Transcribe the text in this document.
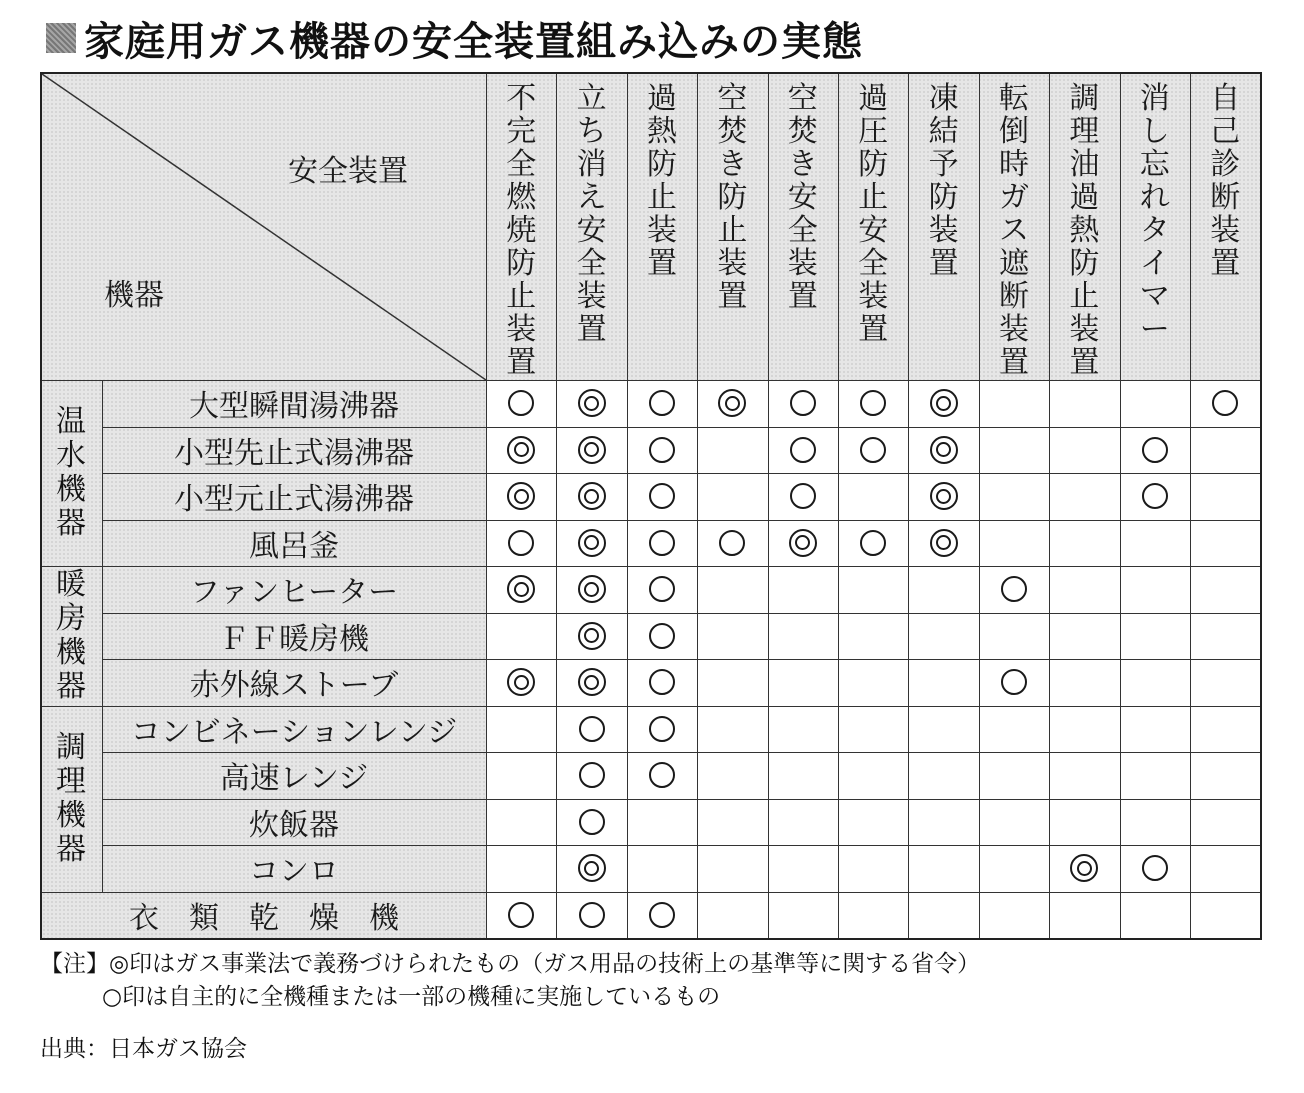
家庭用ガス機器の安全装置組み込みの実態
安全装置
機器
不
完
全
燃
焼
防
止
装
置
立
ち
消
え
安
全
装
置
過
熱
防
止
装
置
空
焚
き
防
止
装
置
空
焚
き
安
全
装
置
過
圧
防
止
安
全
装
置
凍
結
予
防
装
置
転
倒
時
ガ
ス
遮
断
装
置
調
理
油
過
熱
防
止
装
置
消
し
忘
れ
タ
イ
マ
ー
自
己
診
断
装
置
大型瞬間湯沸器
小型先止式湯沸器
小型元止式湯沸器
風呂釜
温
水
機
器
ファンヒーター
ＦＦ暖房機
赤外線ストーブ
暖
房
機
器
コンビネーションレンジ
高速レンジ
炊飯器
コンロ
調
理
機
器
衣　類　乾　燥　機
【注】◎印はガス事業法で義務づけられたもの（ガス用品の技術上の基準等に関する省令）
○印は自主的に全機種または一部の機種に実施しているもの
出典：日本ガス協会
